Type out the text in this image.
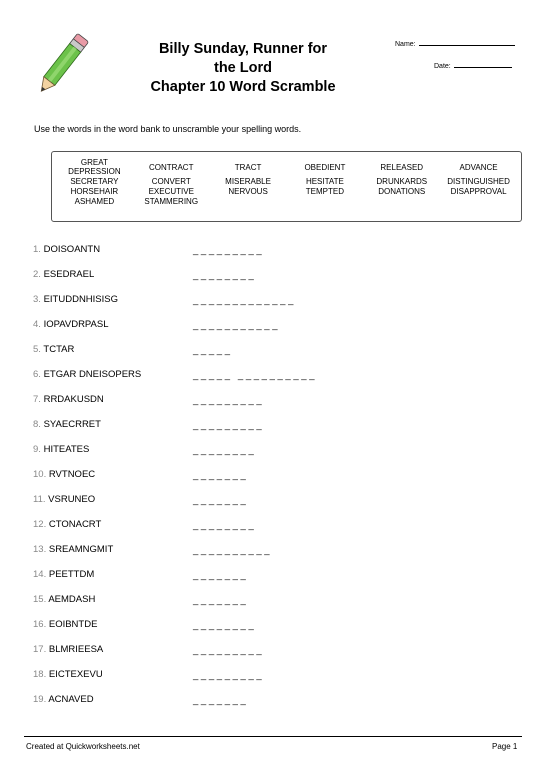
Billy Sunday, Runner for
the Lord
Chapter 10 Word Scramble
Name:
Date:
Use the words in the word bank to unscramble your spelling words.
GREAT DEPRESSION	CONTRACT	TRACT	OBEDIENT	RELEASED	ADVANCE
SECRETARY	CONVERT	MISERABLE	HESITATE	DRUNKARDS	DISTINGUISHED
HORSEHAIR	EXECUTIVE	NERVOUS	TEMPTED	DONATIONS	DISAPPROVAL
ASHAMED	STAMMERING
1. DOISOANTN	_ _ _ _ _ _ _ _ _
2. ESEDRAEL	_ _ _ _ _ _ _ _
3. EITUDDNHISISG	_ _ _ _ _ _ _ _ _ _ _ _ _
4. IOPAVDRPASL	_ _ _ _ _ _ _ _ _ _ _
5. TCTAR	_ _ _ _ _
6. ETGAR DNEISOPERS	_ _ _ _ _   _ _ _ _ _ _ _ _ _ _
7. RRDAKUSDN	_ _ _ _ _ _ _ _ _
8. SYAECRRET	_ _ _ _ _ _ _ _ _
9. HITEATES	_ _ _ _ _ _ _ _
10. RVTNOEC	_ _ _ _ _ _ _
11. VSRUNEO	_ _ _ _ _ _ _
12. CTONACRT	_ _ _ _ _ _ _ _
13. SREAMNGMIT	_ _ _ _ _ _ _ _ _ _
14. PEETTDM	_ _ _ _ _ _ _
15. AEMDASH	_ _ _ _ _ _ _
16. EOIBNTDE	_ _ _ _ _ _ _ _
17. BLMRIEESA	_ _ _ _ _ _ _ _ _
18. EICTEXEVU	_ _ _ _ _ _ _ _ _
19. ACNAVED	_ _ _ _ _ _ _
Created at Quickworksheets.net	Page 1
